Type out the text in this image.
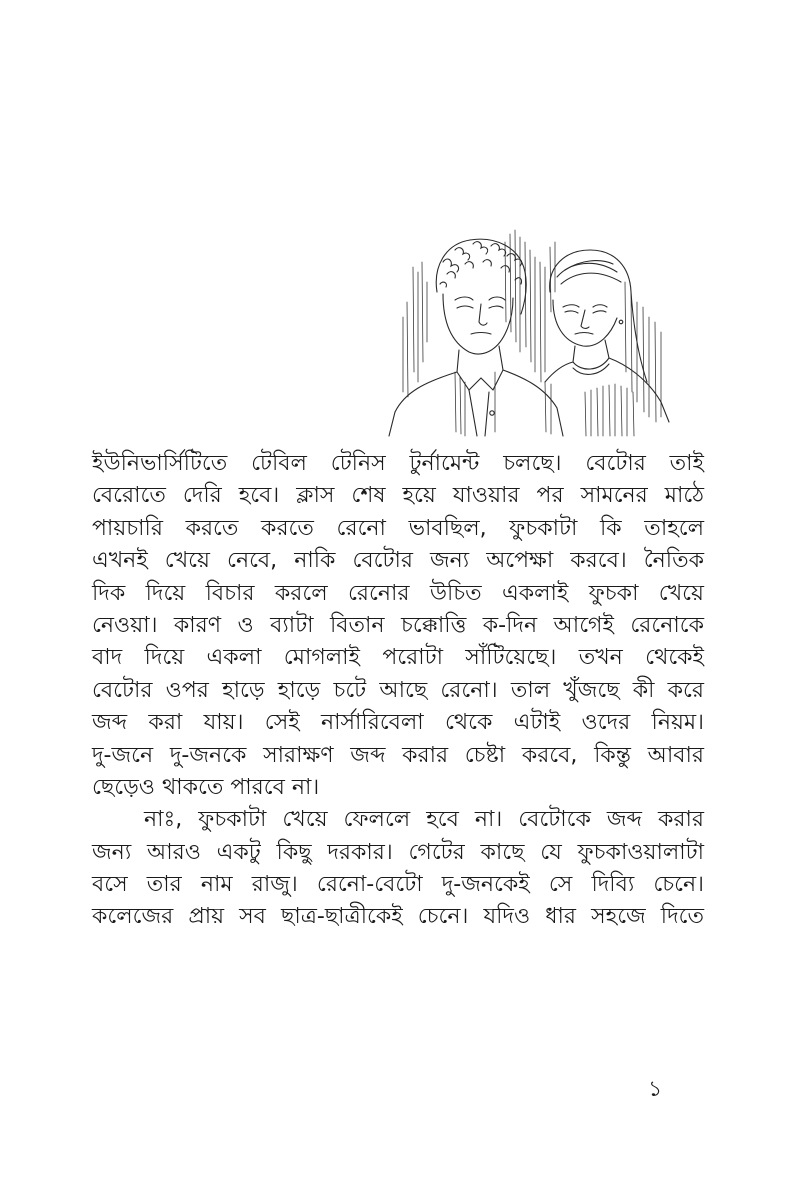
ইউনিভার্সিটিতে টেবিল টেনিস টুর্নামেন্ট চলছে। বেটোর তাই
বেরোতে দেরি হবে। ক্লাস শেষ হয়ে যাওয়ার পর সামনের মাঠে
পায়চারি করতে করতে রেনো ভাবছিল, ফুচকাটা কি তাহলে
এখনই খেয়ে নেবে, নাকি বেটোর জন্য অপেক্ষা করবে। নৈতিক
দিক দিয়ে বিচার করলে রেনোর উচিত একলাই ফুচকা খেয়ে
নেওয়া। কারণ ও ব্যাটা বিতান চক্কোত্তি ক-দিন আগেই রেনোকে
বাদ দিয়ে একলা মোগলাই পরোটা সাঁটিয়েছে। তখন থেকেই
বেটোর ওপর হাড়ে হাড়ে চটে আছে রেনো। তাল খুঁজছে কী করে
জব্দ করা যায়। সেই নার্সারিবেলা থেকে এটাই ওদের নিয়ম।
দু-জনে দু-জনকে সারাক্ষণ জব্দ করার চেষ্টা করবে, কিন্তু আবার
ছেড়েও থাকতে পারবে না।

নাঃ, ফুচকাটা খেয়ে ফেললে হবে না। বেটোকে জব্দ করার
জন্য আরও একটু কিছু দরকার। গেটের কাছে যে ফুচকাওয়ালাটা
বসে তার নাম রাজু। রেনো-বেটো দু-জনকেই সে দিব্যি চেনে।
কলেজের প্রায় সব ছাত্র-ছাত্রীকেই চেনে। যদিও ধার সহজে দিতে

১
